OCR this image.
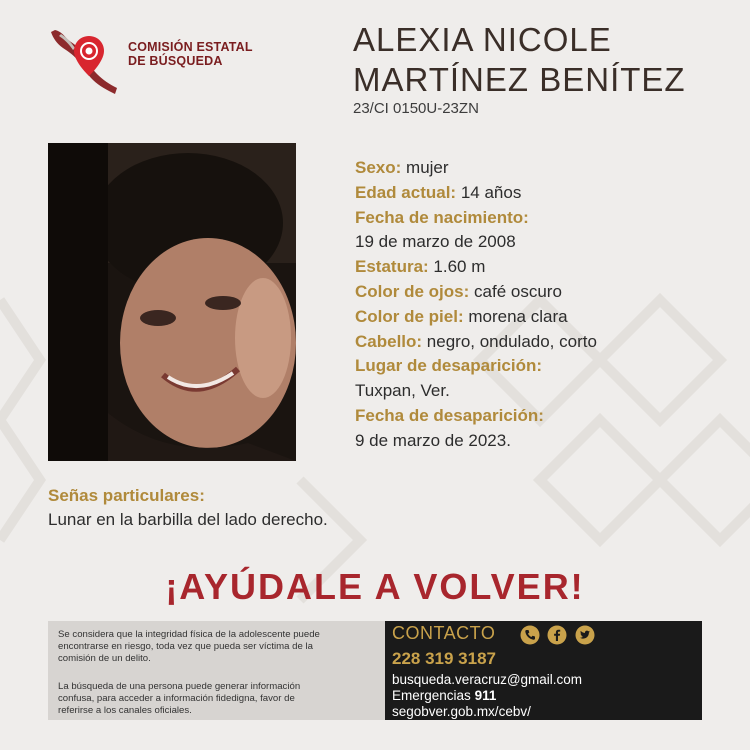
COMISIÓN ESTATAL
DE BÚSQUEDA
ALEXIA NICOLE
MARTÍNEZ BENÍTEZ
23/CI 0150U-23ZN
Sexo: mujer
Edad actual: 14 años
Fecha de nacimiento:
19 de marzo de 2008
Estatura: 1.60 m
Color de ojos: café oscuro
Color de piel: morena clara
Cabello: negro, ondulado, corto
Lugar de desaparición:
Tuxpan, Ver.
Fecha de desaparición:
9 de marzo de 2023.
Señas particulares:
Lunar en la barbilla del lado derecho.
¡AYÚDALE A VOLVER!

Se considera que la integridad física de la adolescente puede
encontrarse en riesgo, toda vez que pueda ser víctima de la
comisión de un delito.

La búsqueda de una persona puede generar información
confusa, para acceder a información fidedigna, favor de
referirse a los canales oficiales.

CONTACTO

228 319 3187
busqueda.veracruz@gmail.com
Emergencias 911
segobver.gob.mx/cebv/
